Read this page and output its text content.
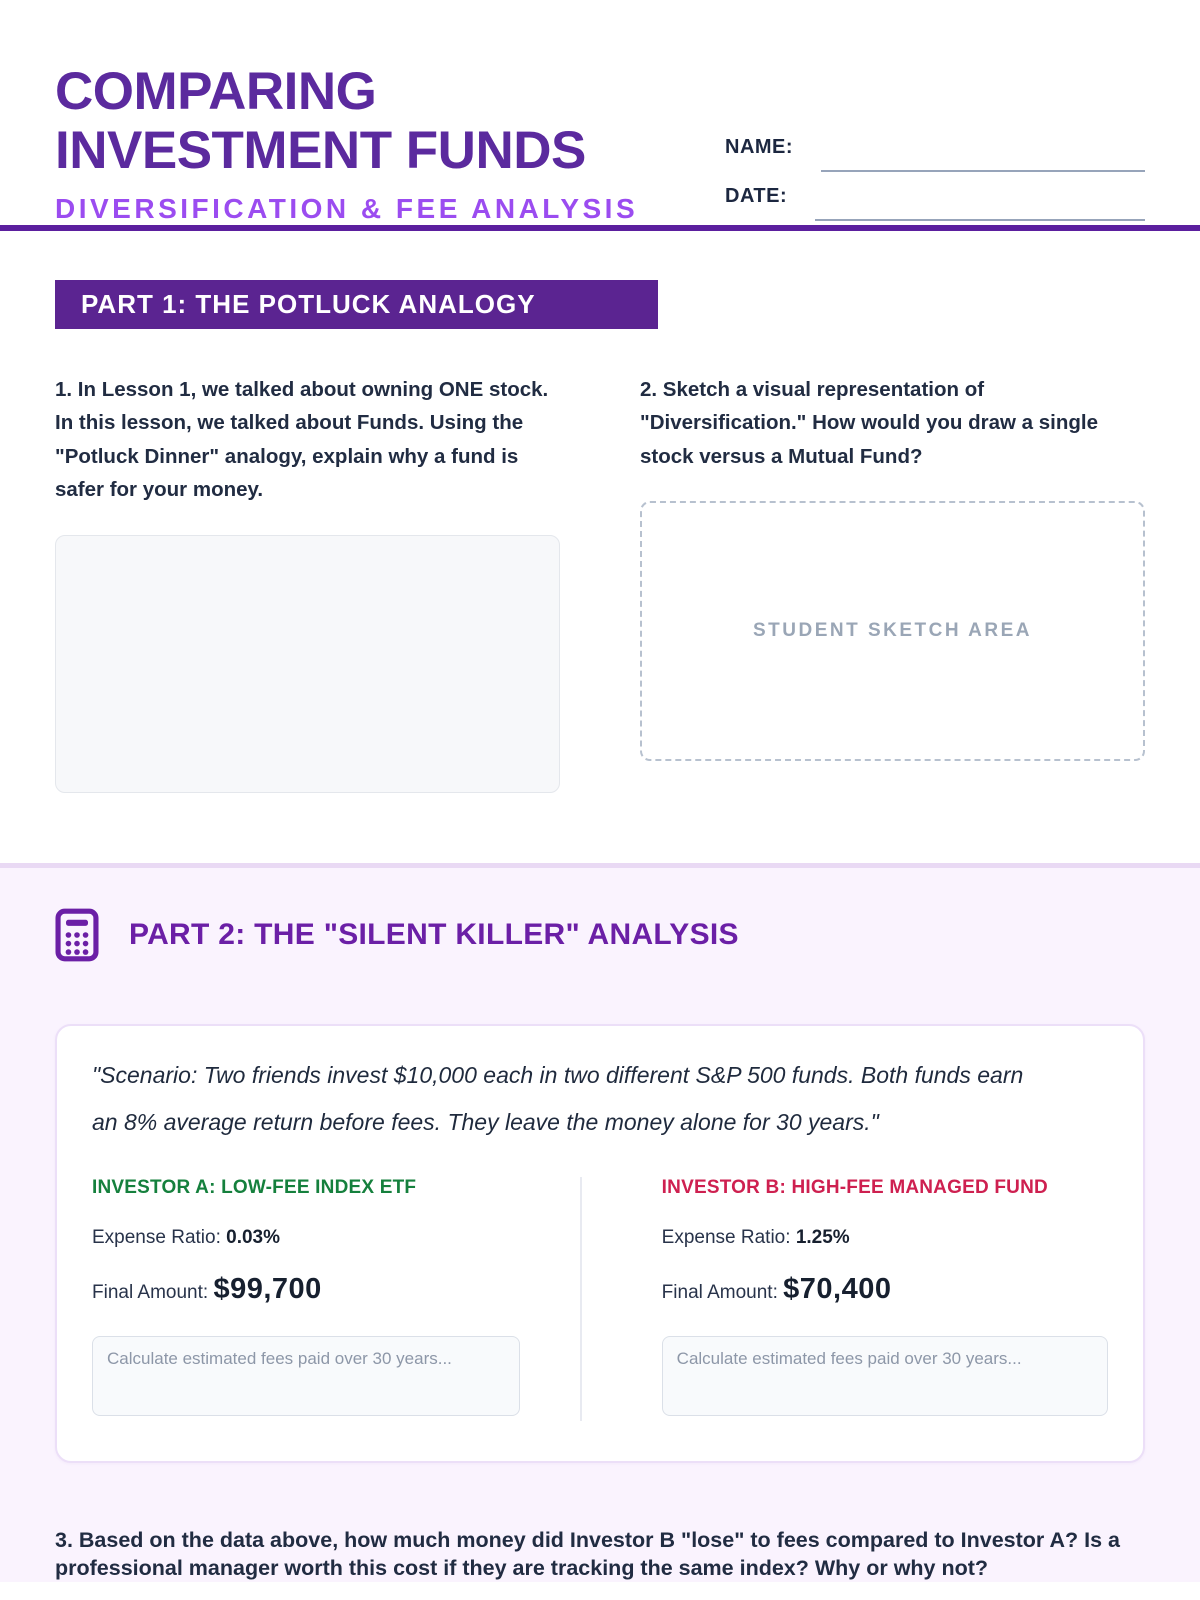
COMPARING
INVESTMENT FUNDS
DIVERSIFICATION & FEE ANALYSIS
NAME:
DATE:
PART 1: THE POTLUCK ANALOGY

1. In Lesson 1, we talked about owning ONE stock. In this lesson, we talked about Funds. Using the "Potluck Dinner" analogy, explain why a fund is safer for your money.

2. Sketch a visual representation of "Diversification." How would you draw a single stock versus a Mutual Fund?

STUDENT SKETCH AREA
PART 2: THE "SILENT KILLER" ANALYSIS

"Scenario: Two friends invest $10,000 each in two different S&P 500 funds. Both funds earn an 8% average return before fees. They leave the money alone for 30 years."

INVESTOR A: LOW-FEE INDEX ETF

Expense Ratio: 0.03%

Final Amount: $99,700

Calculate estimated fees paid over 30 years...
INVESTOR B: HIGH-FEE MANAGED FUND

Expense Ratio: 1.25%

Final Amount: $70,400

Calculate estimated fees paid over 30 years...

3. Based on the data above, how much money did Investor B "lose" to fees compared to Investor A? Is a professional manager worth this cost if they are tracking the same index? Why or why not?
